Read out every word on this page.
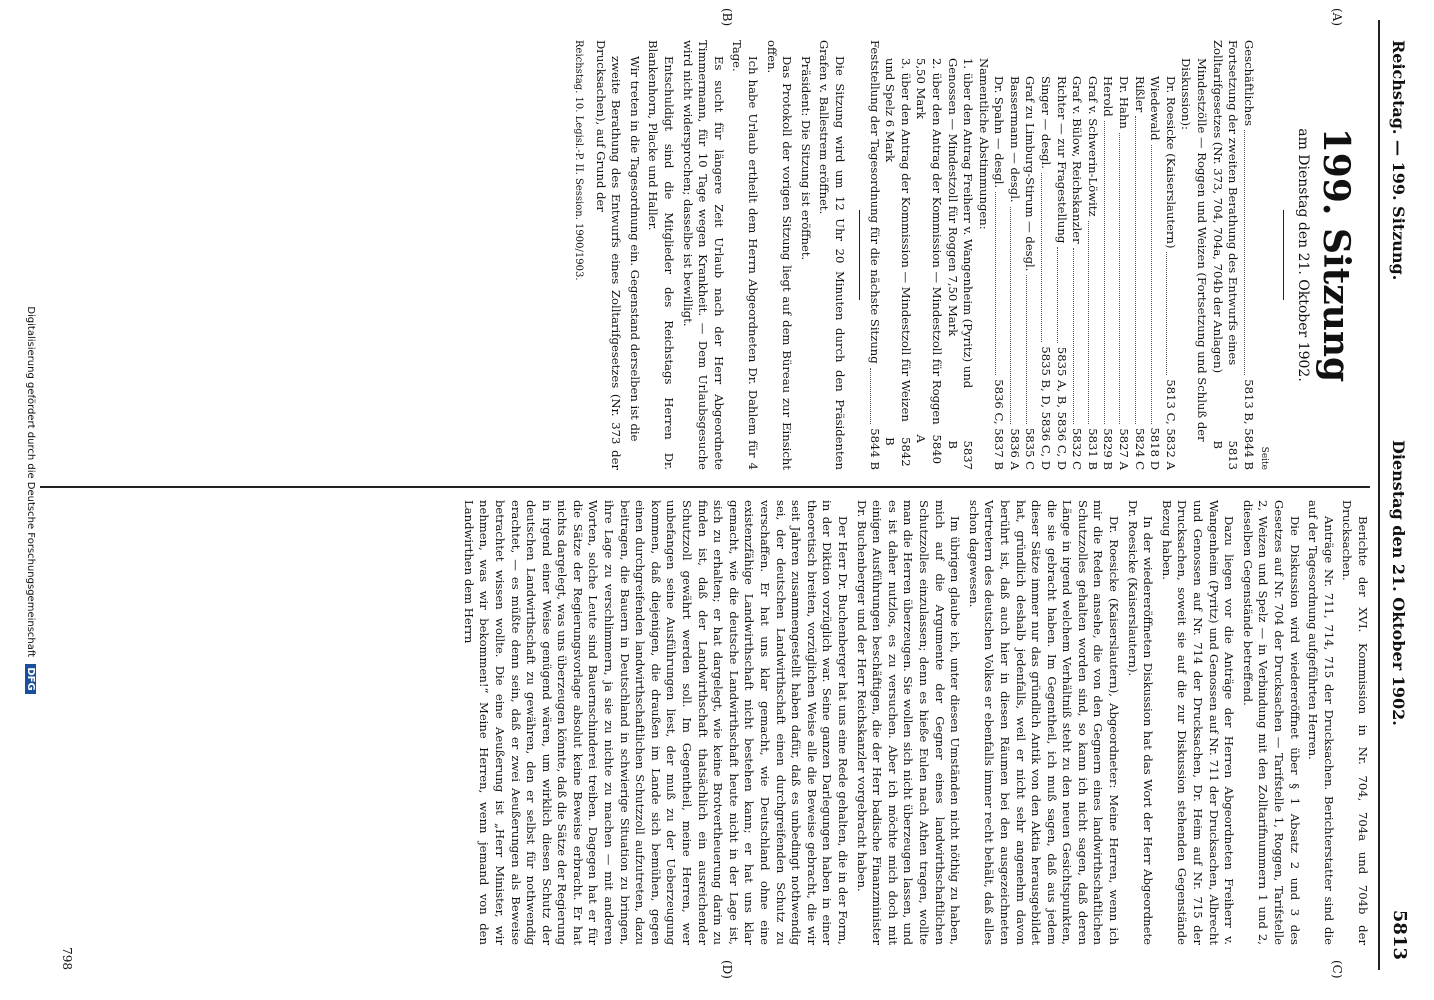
Reichstag. — 199. Sitzung.
Dienstag den 21. Oktober 1902.
5813
(A)
(B)
(C)
(D)
199. Sitzung
am Dienstag den 21. Oktober 1902.
Seite
Geschäftliches
5813 B, 5844 B
Fortsetzung der zweiten Berathung des Entwurfs eines Zolltarifgesetzes (Nr. 373, 704, 704a, 704b der Anlagen)
5813 B
Mindestzölle — Roggen und Weizen (Fortsetzung und Schluß der Diskussion):
Dr. Roesicke (Kaiserslautern)
5813 C, 5832 A
Wiedewald
5818 D
Rißler
5824 C
Dr. Hahn
5827 A
Herold
5829 B
Graf v. Schwerin-Löwitz
5831 B
Graf v. Bülow, Reichskanzler
5832 C
Richter — zur Fragestellung
5835 A, B, 5836 C, D
Singer — desgl.
5835 B, D, 5836 C, D
Graf zu Limburg-Stirum — desgl.
5835 C
Bassermann — desgl.
5836 A
Dr. Spahn — desgl.
5836 C, 5837 B
Namentliche Abstimmungen:
1. über den Antrag Freiherr v. Wangenheim (Pyritz) und Genossen — Mindestzoll für Roggen 7,50 Mark
5837 B
2. über den Antrag der Kommission — Mindestzoll für Roggen 5,50 Mark
5840 A
3. über den Antrag der Kommission — Mindestzoll für Weizen und Spelz 6 Mark
5842 B
Feststellung der Tagesordnung für die nächste Sitzung
5844 B

Die Sitzung wird um 12 Uhr 20 Minuten durch den Präsidenten Grafen v. Ballestrem eröffnet.

Präsident: Die Sitzung ist eröffnet.

Das Protokoll der vorigen Sitzung liegt auf dem Büreau zur Einsicht offen.

Ich habe Urlaub ertheilt dem Herrn Abgeordneten Dr. Dahlem für 4 Tage.

Es sucht für längere Zeit Urlaub nach der Herr Abgeordnete Timmermann, für 10 Tage wegen Krankheit. — Dem Urlaubsgesuche wird nicht widersprochen; dasselbe ist bewilligt.

Entschuldigt sind die Mitglieder des Reichstags Herren Dr. Blankenhorn, Placke und Haller.

Wir treten in die Tagesordnung ein. Gegenstand derselben ist die

zweite Berathung des Entwurfs eines Zolltarifgesetzes (Nr. 373 der Drucksachen), auf Grund der

Reichstag. 10. Legisl.-P. II. Session. 1900/1903.

Berichte der XVI. Kommission in Nr. 704, 704a und 704b der Drucksachen.

Anträge Nr. 711, 714, 715 der Drucksachen. Berichterstatter sind die auf der Tagesordnung aufgeführten Herren.

Die Diskussion wird wiedereröffnet über § 1 Absatz 2 und 3 des Gesetzes auf Nr. 704 der Drucksachen — Tarifstelle 1, Roggen, Tarifstelle 2, Weizen und Spelz — in Verbindung mit den Zolltarifnummern 1 und 2, dieselben Gegenstände betreffend.

Dazu liegen vor die Anträge der Herren Abgeordneten Freiherr v. Wangenheim (Pyritz) und Genossen auf Nr. 711 der Drucksachen, Albrecht und Genossen auf Nr. 714 der Drucksachen, Dr. Heim auf Nr. 715 der Drucksachen, soweit sie auf die zur Diskussion stehenden Gegenstände Bezug haben.

In der wiedereröffneten Diskussion hat das Wort der Herr Abgeordnete Dr. Roesicke (Kaiserslautern).

Dr. Roesicke (Kaiserslautern), Abgeordneter: Meine Herren, wenn ich mir die Reden ansehe, die von den Gegnern eines landwirthschaftlichen Schutzzolles gehalten worden sind, so kann ich nicht sagen, daß deren Länge in irgend welchem Verhältniß steht zu den neuen Gesichtspunkten, die sie gebracht haben. Im Gegentheil, ich muß sagen, daß aus jedem dieser Sätze immer nur das gründlich Antik von den Aktia herausgebildet hat, gründlich deshalb jedenfalls, weil er nicht sehr angenehm davon berührt ist, daß auch hier in diesen Räumen bei den ausgezeichneten Vertretern des deutschen Volkes er ebenfalls immer recht behält, daß alles schon dagewesen.

Im übrigen glaube ich, unter diesen Umständen nicht nöthig zu haben, mich auf die Argumente der Gegner eines landwirthschaftlichen Schutzzolles einzulassen; denn es hieße Eulen nach Athen tragen, wollte man die Herren überzeugen. Sie wollen sich nicht überzeugen lassen, und es ist daher nutzlos, es zu versuchen. Aber ich möchte mich doch mit einigen Ausführungen beschäftigen, die der Herr badische Finanzminister Dr. Buchenberger und der Herr Reichskanzler vorgebracht haben.

Der Herr Dr. Buchenberger hat uns eine Rede gehalten, die in der Form, in der Diktion vorzüglich war. Seine ganzen Darlegungen haben in einer theoretisch breiten, vorzüglichen Weise alle die Beweise gebracht, die wir seit Jahren zusammengestellt haben dafür, daß es unbedingt nothwendig sei, der deutschen Landwirthschaft einen durchgreifenden Schutz zu verschaffen. Er hat uns klar gemacht, wie Deutschland ohne eine existenzfähige Landwirthschaft nicht bestehen kann; er hat uns klar gemacht, wie die deutsche Landwirthschaft heute nicht in der Lage ist, sich zu erhalten; er hat dargelegt, wie keine Brotvertheuerung darin zu finden ist, daß der Landwirthschaft thatsächlich ein ausreichender Schutzzoll gewährt werden soll. Im Gegentheil, meine Herren, wer unbefangen seine Ausführungen liest, der muß zu der Ueberzeugung kommen, daß diejenigen, die draußen im Lande sich bemühen, gegen einen durchgreifenden landwirthschaftlichen Schutzzoll aufzutreten, dazu beitragen, die Bauern in Deutschland in schwierige Situation zu bringen, ihre Lage zu verschlimmern, ja sie zu nichte zu machen — mit anderen Worten, solche Leute sind Bauernschinderei treiben. Dagegen hat er für die Sätze der Regierungsvorlage absolut keine Beweise erbracht. Er hat nichts dargelegt, was uns überzeugen könnte, daß die Sätze der Regierung in irgend einer Weise genügend wären, um wirklich diesen Schutz der deutschen Landwirthschaft zu gewähren, den er selbst für nothwendig erachtet, — es müßte denn sein, daß er zwei Aeußerungen als Beweise betrachtet wissen wollte. Die eine Aeußerung ist „Herr Minister, wir nehmen, was wir bekommen!“ Meine Herren, wenn jemand von den Landwirthen dem Herrn

798
Digitalisierung gefördert durch die Deutsche Forschungsgemeinschaft DFG
